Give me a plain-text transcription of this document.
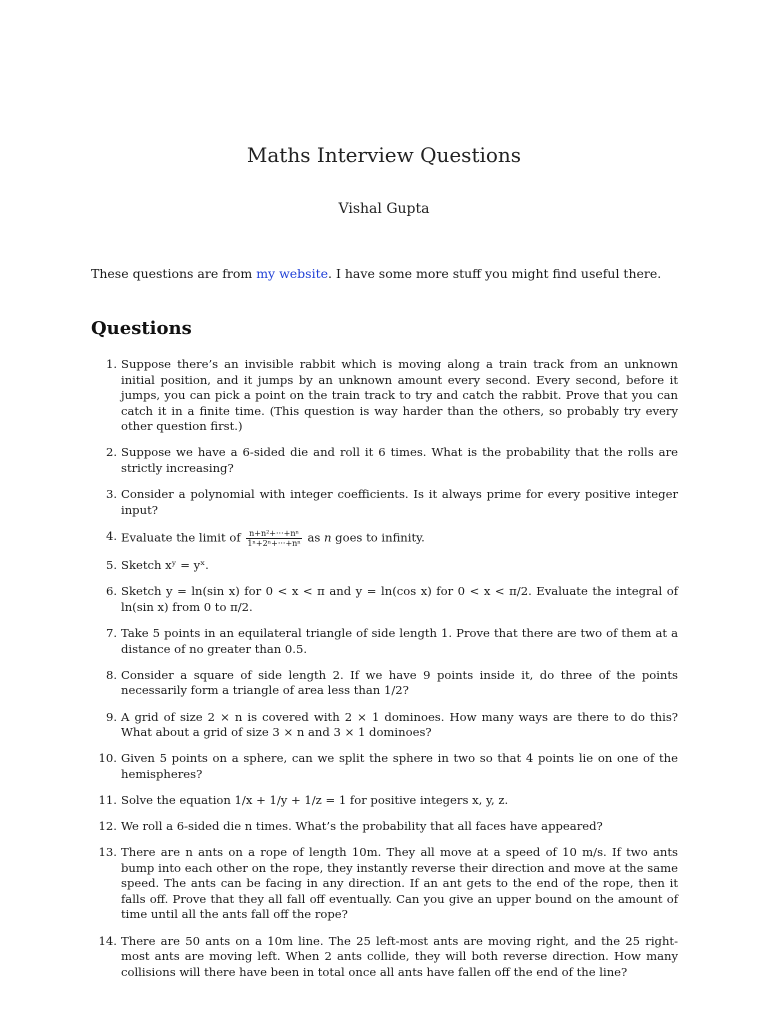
Maths Interview Questions
Vishal Gupta
These questions are from my website. I have some more stuff you might find useful there.
Questions
1. Suppose there’s an invisible rabbit which is moving along a train track from an unknown initial position, and it jumps by an unknown amount every second. Every second, before it jumps, you can pick a point on the train track to try and catch the rabbit. Prove that you can catch it in a finite time. (This question is way harder than the others, so probably try every other question first.)
2. Suppose we have a 6-sided die and roll it 6 times. What is the probability that the rolls are strictly increasing?
3. Consider a polynomial with integer coefficients. Is it always prime for every positive integer input?
4. Evaluate the limit of $\frac{\text{n+n²+···+nⁿ}}{\text{1ⁿ+2ⁿ+···+nⁿ}}$ as n goes to infinity.
5. Sketch xʸ = yˣ.
6. Sketch y = ln(sin x) for 0 < x < π and y = ln(cos x) for 0 < x < π/2. Evaluate the integral of ln(sin x) from 0 to π/2.
7. Take 5 points in an equilateral triangle of side length 1. Prove that there are two of them at a distance of no greater than 0.5.
8. Consider a square of side length 2. If we have 9 points inside it, do three of the points necessarily form a triangle of area less than 1/2?
9. A grid of size 2 × n is covered with 2 × 1 dominoes. How many ways are there to do this? What about a grid of size 3 × n and 3 × 1 dominoes?
10. Given 5 points on a sphere, can we split the sphere in two so that 4 points lie on one of the hemispheres?
11. Solve the equation 1/x + 1/y + 1/z = 1 for positive integers x, y, z.
12. We roll a 6-sided die n times. What’s the probability that all faces have appeared?
13. There are n ants on a rope of length 10m. They all move at a speed of 10 m/s. If two ants bump into each other on the rope, they instantly reverse their direction and move at the same speed. The ants can be facing in any direction. If an ant gets to the end of the rope, then it falls off. Prove that they all fall off eventually. Can you give an upper bound on the amount of time until all the ants fall off the rope?
14. There are 50 ants on a 10m line. The 25 left-most ants are moving right, and the 25 right-most ants are moving left. When 2 ants collide, they will both reverse direction. How many collisions will there have been in total once all ants have fallen off the end of the line?
